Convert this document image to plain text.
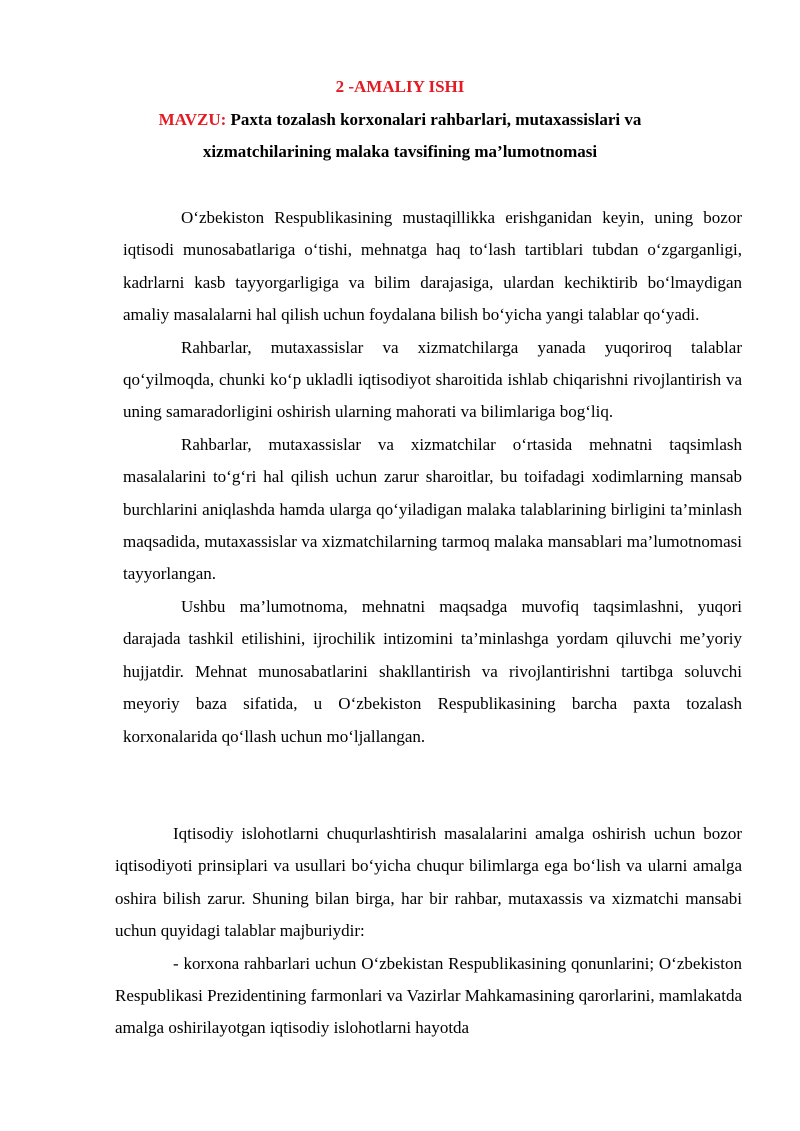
2 -AMALIY ISHI

MAVZU: Paxta tozalash korxonalari rahbarlari, mutaxassislari va xizmatchilarining malaka tavsifining ma’lumotnomasi

O‘zbekiston Respublikasining mustaqillikka erishganidan keyin, uning bozor iqtisodi munosabatlariga o‘tishi, mehnatga haq to‘lash tartiblari tubdan o‘zgarganligi, kadrlarni kasb tayyorgarligiga va bilim darajasiga, ulardan kechiktirib bo‘lmaydigan amaliy masalalarni hal qilish uchun foydalana bilish bo‘yicha yangi talablar qo‘yadi.

Rahbarlar, mutaxassislar va xizmatchilarga yanada yuqoriroq talablar qo‘yilmoqda, chunki ko‘p ukladli iqtisodiyot sharoitida ishlab chiqarishni rivojlantirish va uning samaradorligini oshirish ularning mahorati va bilimlariga bog‘liq.

Rahbarlar, mutaxassislar va xizmatchilar o‘rtasida mehnatni taqsimlash masalalarini to‘g‘ri hal qilish uchun zarur sharoitlar, bu toifadagi xodimlarning mansab burchlarini aniqlashda hamda ularga qo‘yiladigan malaka talablarining birligini ta’minlash maqsadida, mutaxassislar va xizmatchilarning tarmoq malaka mansablari ma’lumotnomasi tayyorlangan.

Ushbu ma’lumotnoma, mehnatni maqsadga muvofiq taqsimlashni, yuqori darajada tashkil etilishini, ijrochilik intizomini ta’minlashga yordam qiluvchi me’yoriy hujjatdir. Mehnat munosabatlarini shakllantirish va rivojlantirishni tartibga soluvchi meyoriy baza sifatida, u O‘zbekiston Respublikasining barcha paxta tozalash korxonalarida qo‘llash uchun mo‘ljallangan.

Iqtisodiy islohotlarni chuqurlashtirish masalalarini amalga oshirish uchun bozor iqtisodiyoti prinsiplari va usullari bo‘yicha chuqur bilimlarga ega bo‘lish va ularni amalga oshira bilish zarur. Shuning bilan birga, har bir rahbar, mutaxassis va xizmatchi mansabi uchun quyidagi talablar majburiydir:

- korxona rahbarlari uchun O‘zbekistan Respublikasining qonunlarini; O‘zbekiston Respublikasi Prezidentining farmonlari va Vazirlar Mahkamasining qarorlarini, mamlakatda amalga oshirilayotgan iqtisodiy islohotlarni hayotda
